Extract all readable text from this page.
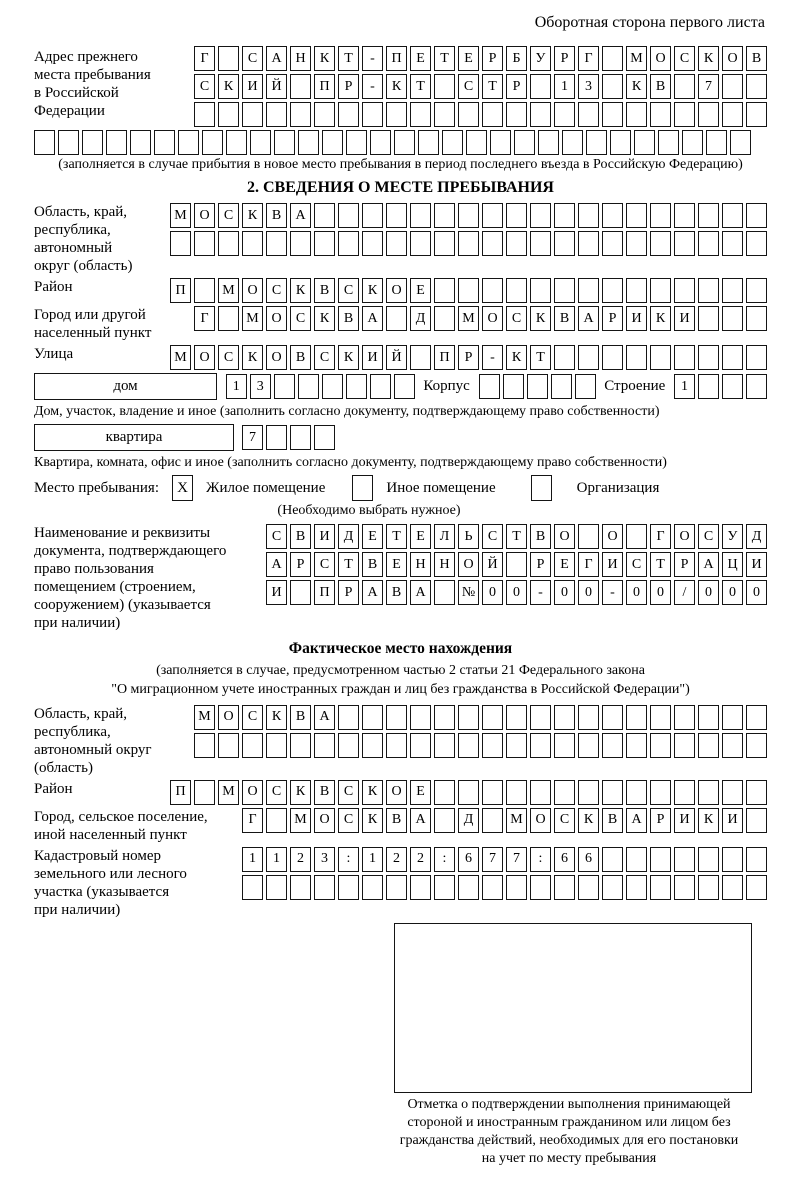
Оборотная сторона первого листа
Адрес прежнего
места пребывания
в Российской
Федерации
Г	С	А Н	К	Т	-	П	Е	Т	Е	Р	Б	У	Р	Г	М О	С	К	О	В
С	К	И Й	П	Р	-	К	Т	С	Т	Р	1	3	К	В	7
(заполняется в случае прибытия в новое место пребывания в период последнего въезда в Российскую Федерацию)
2. СВЕДЕНИЯ О МЕСТЕ ПРЕБЫВАНИЯ
Область, край,
республика,
автономный
округ (область)
М О	С	К	В	А
Район	П	М О	С	К	В	С	К	О	Е
Город или другой
населенный пункт
Г	М О	С	К	В	А	Д	М О	С	К	В	А	Р	И	К	И
Улица	М О	С	К	О	В	С	К	И Й	П	Р	-	К	Т
дом	1	3	Корпус	Строение	1
Дом, участок, владение и иное (заполнить согласно документу, подтверждающему право собственности)
квартира	7
Квартира, комната, офис и иное (заполнить согласно документу, подтверждающему право собственности)
Место пребывания:	X	Жилое помещение	Иное помещение	Организация
(Необходимо выбрать нужное)
Наименование и реквизиты
документа, подтверждающего
право пользования
помещением (строением,
сооружением) (указывается
при наличии)
С	В	И	Д	Е	Т	Е	Л	Ь	С	Т	В	О	О	Г	О	С	У	Д
А	Р	С	Т	В	Е	Н Н О Й	Р	Е	Г	И	С	Т	Р	А Ц И
И	П	Р	А	В	А	№ 0	0	-	0	0	-	0	0	/	0	0	0
Фактическое место нахождения
(заполняется в случае, предусмотренном частью 2 статьи 21 Федерального закона
"О миграционном учете иностранных граждан и лиц без гражданства в Российской Федерации")
Область, край,
республика,
автономный округ
(область)
М О	С	К	В	А
Район	П	М О	С	К	В	С	К	О	Е
Город, сельское поселение,
иной населенный пункт
Г	М О	С	К	В	А	Д	М О	С	К	В	А	Р	И	К	И
Кадастровый номер
земельного или лесного
участка (указывается
при наличии)
1	1	2	3	:	1	2	2	:	6	7	7	:	6	6
Отметка о подтверждении выполнения принимающей
стороной и иностранным гражданином или лицом без
гражданства действий, необходимых для его постановки
на учет по месту пребывания
